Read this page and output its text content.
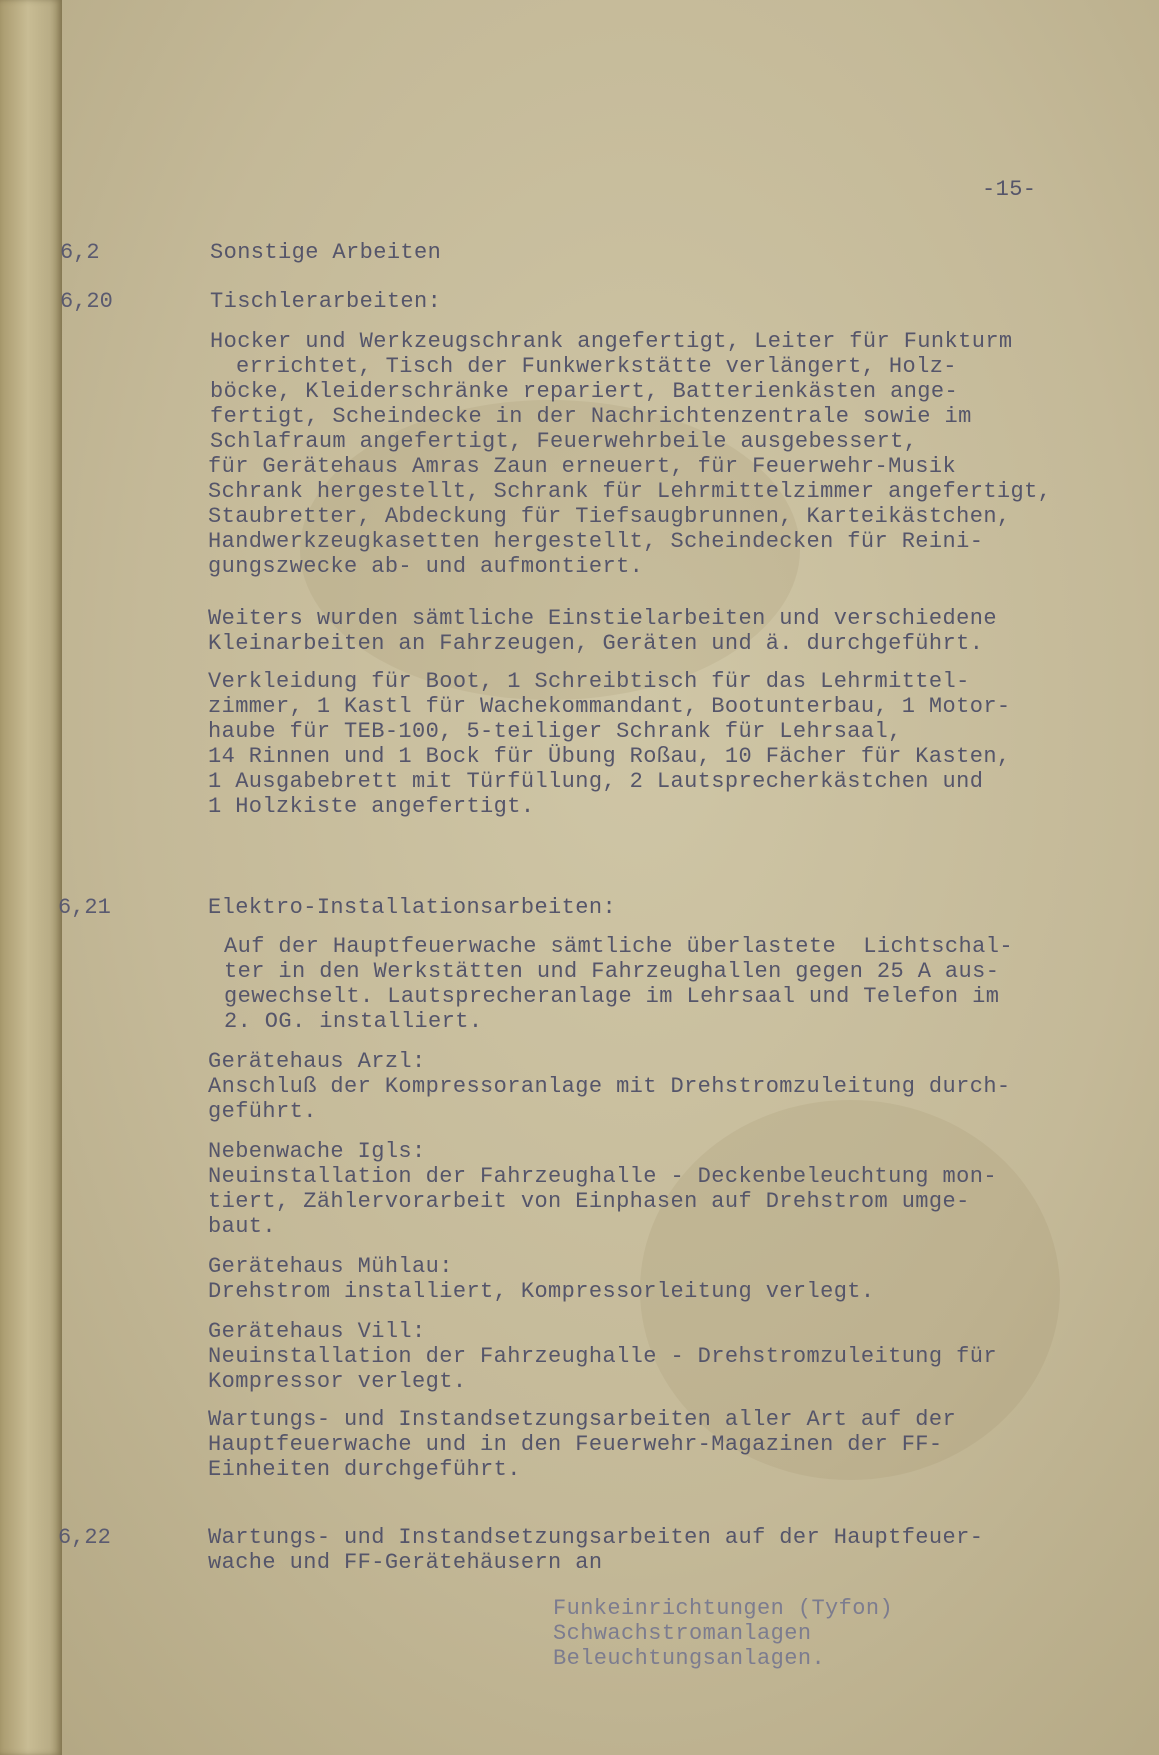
-15-
6,2
6,20
6,21
6,22
Sonstige Arbeiten
Tischlerarbeiten:
Elektro-Installationsarbeiten:
Hocker und Werkzeugschrank angefertigt, Leiter für Funkturm
errichtet, Tisch der Funkwerkstätte verlängert, Holz-
böcke, Kleiderschränke repariert, Batterienkästen ange-
fertigt, Scheindecke in der Nachrichtenzentrale sowie im
Schlafraum angefertigt, Feuerwehrbeile ausgebessert,
für Gerätehaus Amras Zaun erneuert, für Feuerwehr-Musik
Schrank hergestellt, Schrank für Lehrmittelzimmer angefertigt,
Staubretter, Abdeckung für Tiefsaugbrunnen, Karteikästchen,
Handwerkzeugkasetten hergestellt, Scheindecken für Reini-
gungszwecke ab- und aufmontiert.
Weiters wurden sämtliche Einstielarbeiten und verschiedene
Kleinarbeiten an Fahrzeugen, Geräten und ä. durchgeführt.
Verkleidung für Boot, 1 Schreibtisch für das Lehrmittel-
zimmer, 1 Kastl für Wachekommandant, Bootunterbau, 1 Motor-
haube für TEB-100, 5-teiliger Schrank für Lehrsaal,
14 Rinnen und 1 Bock für Übung Roßau, 10 Fächer für Kasten,
1 Ausgabebrett mit Türfüllung, 2 Lautsprecherkästchen und
1 Holzkiste angefertigt.
Auf der Hauptfeuerwache sämtliche überlastete  Lichtschal-
ter in den Werkstätten und Fahrzeughallen gegen 25 A aus-
gewechselt. Lautsprecheranlage im Lehrsaal und Telefon im
2. OG. installiert.
Gerätehaus Arzl:
Anschluß der Kompressoranlage mit Drehstromzuleitung durch-
geführt.
Nebenwache Igls:
Neuinstallation der Fahrzeughalle - Deckenbeleuchtung mon-
tiert, Zählervorarbeit von Einphasen auf Drehstrom umge-
baut.
Gerätehaus Mühlau:
Drehstrom installiert, Kompressorleitung verlegt.
Gerätehaus Vill:
Neuinstallation der Fahrzeughalle - Drehstromzuleitung für
Kompressor verlegt.
Wartungs- und Instandsetzungsarbeiten aller Art auf der
Hauptfeuerwache und in den Feuerwehr-Magazinen der FF-
Einheiten durchgeführt.
Wartungs- und Instandsetzungsarbeiten auf der Hauptfeuer-
wache und FF-Gerätehäusern an
Funkeinrichtungen (Tyfon)
Schwachstromanlagen
Beleuchtungsanlagen.
